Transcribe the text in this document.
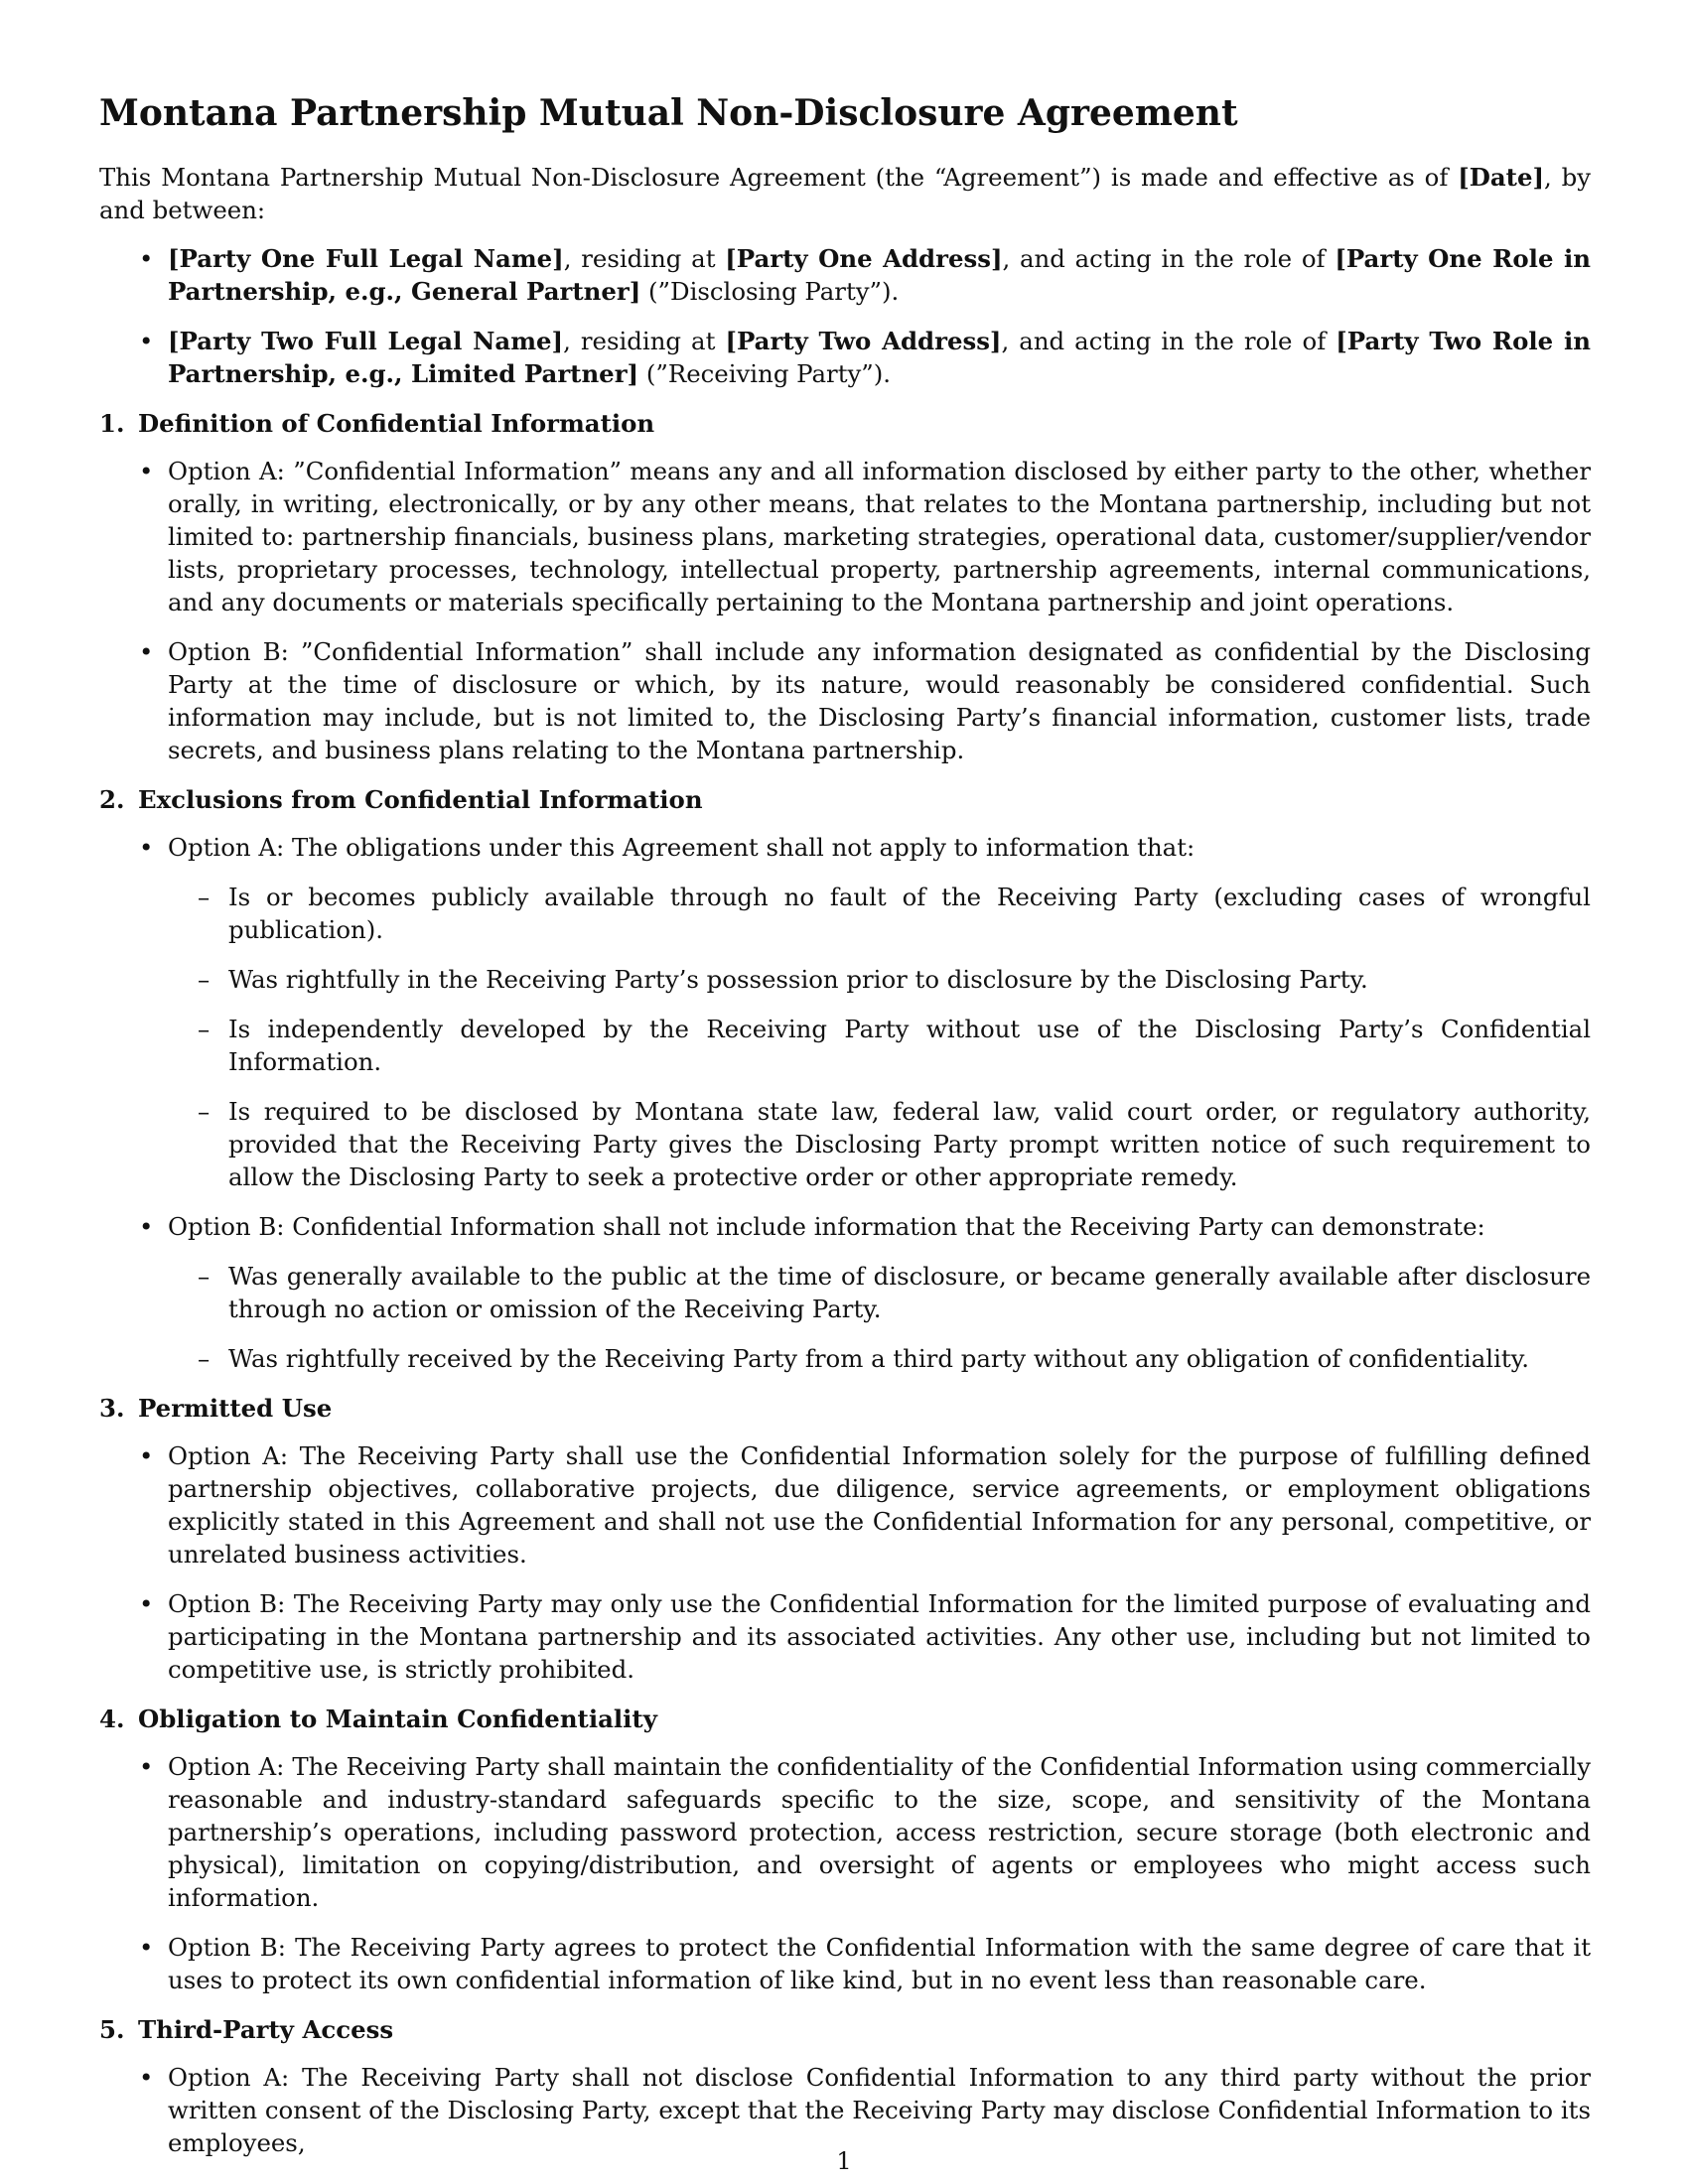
Montana Partnership Mutual Non-Disclosure Agreement

This Montana Partnership Mutual Non-Disclosure Agreement (the “Agreement”) is made and effective as of [Date], by and between:

• [Party One Full Legal Name], residing at [Party One Address], and acting in the role of [Party One Role in Partnership, e.g., General Partner] (”Disclosing Party”).
• [Party Two Full Legal Name], residing at [Party Two Address], and acting in the role of [Party Two Role in Partnership, e.g., Limited Partner] (”Receiving Party”).
1. Definition of Confidential Information
• Option A: ”Confidential Information” means any and all information disclosed by either party to the other, whether orally, in writing, electronically, or by any other means, that relates to the Montana partnership, including but not limited to: partnership financials, business plans, marketing strategies, operational data, customer/supplier/vendor lists, proprietary processes, technology, intellectual property, partnership agreements, internal communications, and any documents or materials specifically pertaining to the Montana partnership and joint operations.
• Option B: ”Confidential Information” shall include any information designated as confidential by the Disclosing Party at the time of disclosure or which, by its nature, would reasonably be considered confidential. Such information may include, but is not limited to, the Disclosing Party’s financial information, customer lists, trade secrets, and business plans relating to the Montana partnership.
2. Exclusions from Confidential Information
• Option A: The obligations under this Agreement shall not apply to information that:
– Is or becomes publicly available through no fault of the Receiving Party (excluding cases of wrongful publication).
– Was rightfully in the Receiving Party’s possession prior to disclosure by the Disclosing Party.
– Is independently developed by the Receiving Party without use of the Disclosing Party’s Confidential Information.
– Is required to be disclosed by Montana state law, federal law, valid court order, or regulatory authority, provided that the Receiving Party gives the Disclosing Party prompt written notice of such requirement to allow the Disclosing Party to seek a protective order or other appropriate remedy.
• Option B: Confidential Information shall not include information that the Receiving Party can demonstrate:
– Was generally available to the public at the time of disclosure, or became generally available after disclosure through no action or omission of the Receiving Party.
– Was rightfully received by the Receiving Party from a third party without any obligation of confidentiality.
3. Permitted Use
• Option A: The Receiving Party shall use the Confidential Information solely for the purpose of fulfilling defined partnership objectives, collaborative projects, due diligence, service agreements, or employment obligations explicitly stated in this Agreement and shall not use the Confidential Information for any personal, competitive, or unrelated business activities.
• Option B: The Receiving Party may only use the Confidential Information for the limited purpose of evaluating and participating in the Montana partnership and its associated activities. Any other use, including but not limited to competitive use, is strictly prohibited.
4. Obligation to Maintain Confidentiality
• Option A: The Receiving Party shall maintain the confidentiality of the Confidential Information using commercially reasonable and industry-standard safeguards specific to the size, scope, and sensitivity of the Montana partnership’s operations, including password protection, access restriction, secure storage (both electronic and physical), limitation on copying/distribution, and oversight of agents or employees who might access such information.
• Option B: The Receiving Party agrees to protect the Confidential Information with the same degree of care that it uses to protect its own confidential information of like kind, but in no event less than reasonable care.
5. Third-Party Access
• Option A: The Receiving Party shall not disclose Confidential Information to any third party without the prior written consent of the Disclosing Party, except that the Receiving Party may disclose Confidential Information to its employees,
1
